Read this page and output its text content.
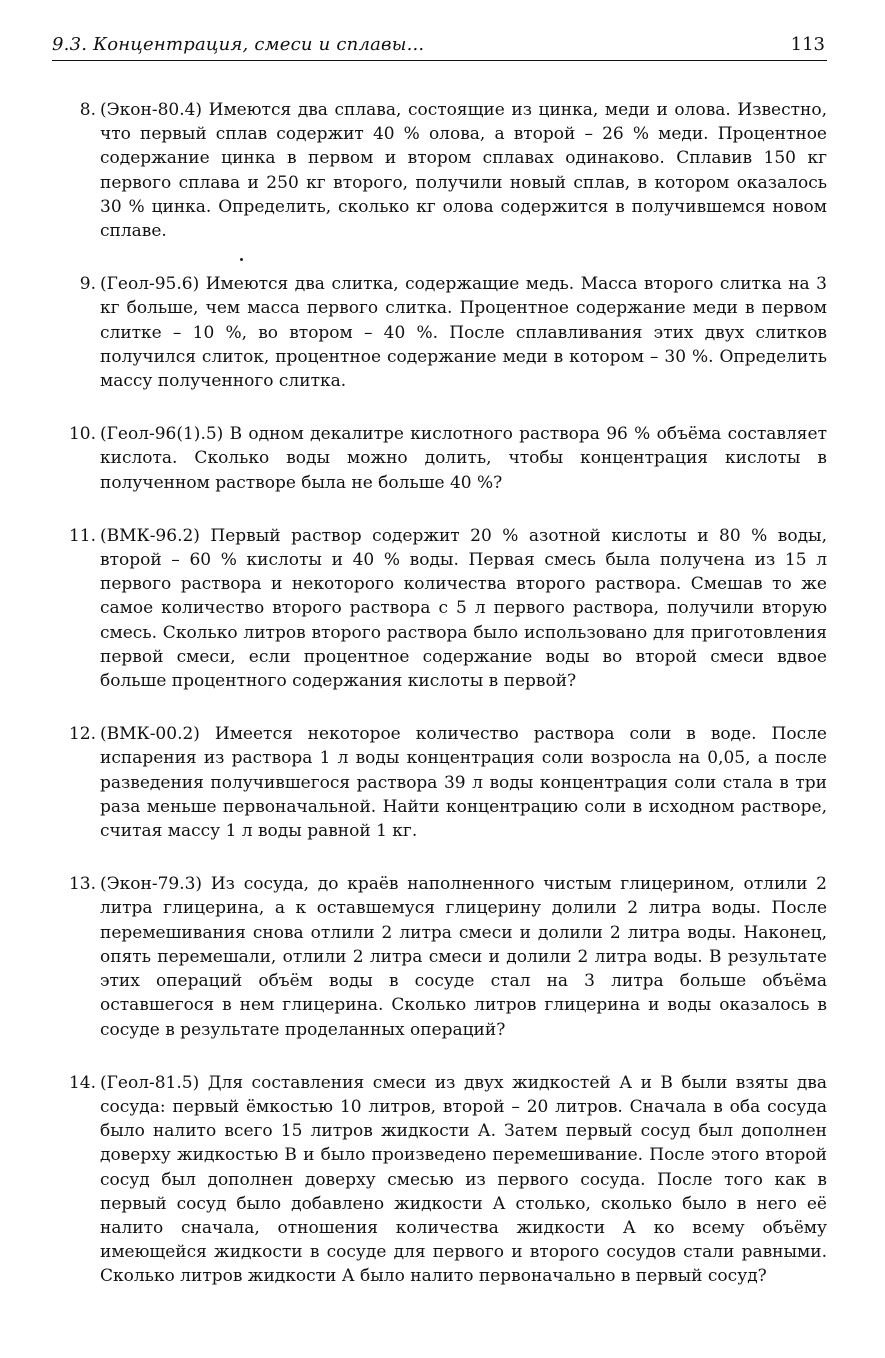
9.3. Концентрация, смеси и сплавы...	113
8. (Экон-80.4) Имеются два сплава, состоящие из цинка, меди и олова. Известно, что первый сплав содержит 40 % олова, а второй – 26 % меди. Процентное содержание цинка в первом и втором сплавах одинаково. Сплавив 150 кг первого сплава и 250 кг второго, получили новый сплав, в котором оказалось 30 % цинка. Определить, сколько кг олова содержится в получившемся новом сплаве.
9. (Геол-95.6) Имеются два слитка, содержащие медь. Масса второго слитка на 3 кг больше, чем масса первого слитка. Процентное содержание меди в первом слитке – 10 %, во втором – 40 %. После сплавливания этих двух слитков получился слиток, процентное содержание меди в котором – 30 %. Определить массу полученного слитка.
10. (Геол-96(1).5) В одном декалитре кислотного раствора 96 % объёма составляет кислота. Сколько воды можно долить, чтобы концентрация кислоты в полученном растворе была не больше 40 %?
11. (ВМК-96.2) Первый раствор содержит 20 % азотной кислоты и 80 % воды, второй – 60 % кислоты и 40 % воды. Первая смесь была получена из 15 л первого раствора и некоторого количества второго раствора. Смешав то же самое количество второго раствора с 5 л первого раствора, получили вторую смесь. Сколько литров второго раствора было использовано для приготовления первой смеси, если процентное содержание воды во второй смеси вдвое больше процентного содержания кислоты в первой?
12. (ВМК-00.2) Имеется некоторое количество раствора соли в воде. После испарения из раствора 1 л воды концентрация соли возросла на 0,05, а после разведения получившегося раствора 39 л воды концентрация соли стала в три раза меньше первоначальной. Найти концентрацию соли в исходном растворе, считая массу 1 л воды равной 1 кг.
13. (Экон-79.3) Из сосуда, до краёв наполненного чистым глицерином, отлили 2 литра глицерина, а к оставшемуся глицерину долили 2 литра воды. После перемешивания снова отлили 2 литра смеси и долили 2 литра воды. Наконец, опять перемешали, отлили 2 литра смеси и долили 2 литра воды. В результате этих операций объём воды в сосуде стал на 3 литра больше объёма оставшегося в нем глицерина. Сколько литров глицерина и воды оказалось в сосуде в результате проделанных операций?
14. (Геол-81.5) Для составления смеси из двух жидкостей А и В были взяты два сосуда: первый ёмкостью 10 литров, второй – 20 литров. Сначала в оба сосуда было налито всего 15 литров жидкости А. Затем первый сосуд был дополнен доверху жидкостью В и было произведено перемешивание. После этого второй сосуд был дополнен доверху смесью из первого сосуда. После того как в первый сосуд было добавлено жидкости А столько, сколько было в него её налито сначала, отношения количества жидкости А ко всему объёму имеющейся жидкости в сосуде для первого и второго сосудов стали равными. Сколько литров жидкости А было налито первоначально в первый сосуд?
